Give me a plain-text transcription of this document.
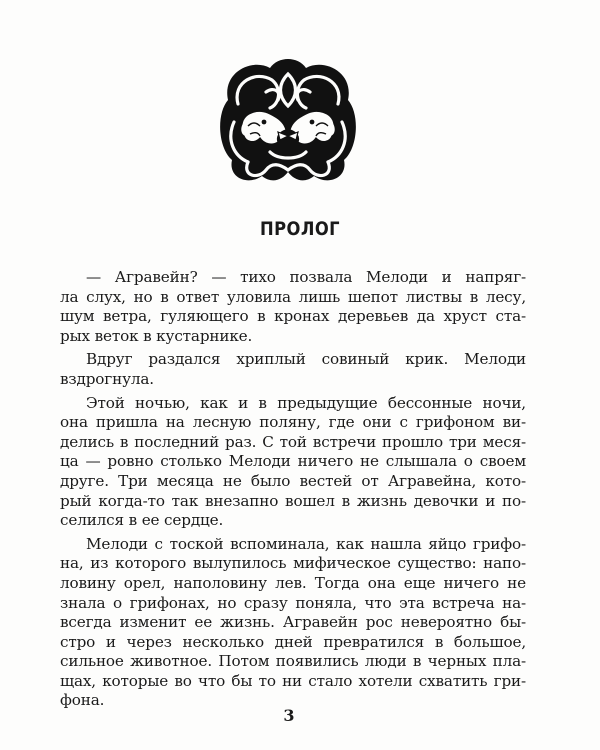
ПРОЛОГ
— Агравейн? — тихо позвала Мелоди и напряг-
ла слух, но в ответ уловила лишь шепот листвы в лесу,
шум ветра, гуляющего в кронах деревьев да хруст ста-
рых веток в кустарнике.
Вдруг раздался хриплый совиный крик. Мелоди
вздрогнула.
Этой ночью, как и в предыдущие бессонные ночи,
она пришла на лесную поляну, где они с грифоном ви-
делись в последний раз. С той встречи прошло три меся-
ца — ровно столько Мелоди ничего не слышала о своем
друге. Три месяца не было вестей от Агравейна, кото-
рый когда-то так внезапно вошел в жизнь девочки и по-
селился в ее сердце.
Мелоди с тоской вспоминала, как нашла яйцо грифо-
на, из которого вылупилось мифическое существо: напо-
ловину орел, наполовину лев. Тогда она еще ничего не
знала о грифонах, но сразу поняла, что эта встреча на-
всегда изменит ее жизнь. Агравейн рос невероятно бы-
стро и через несколько дней превратился в большое,
сильное животное. Потом появились люди в черных пла-
щах, которые во что бы то ни стало хотели схватить гри-
фона.
3
